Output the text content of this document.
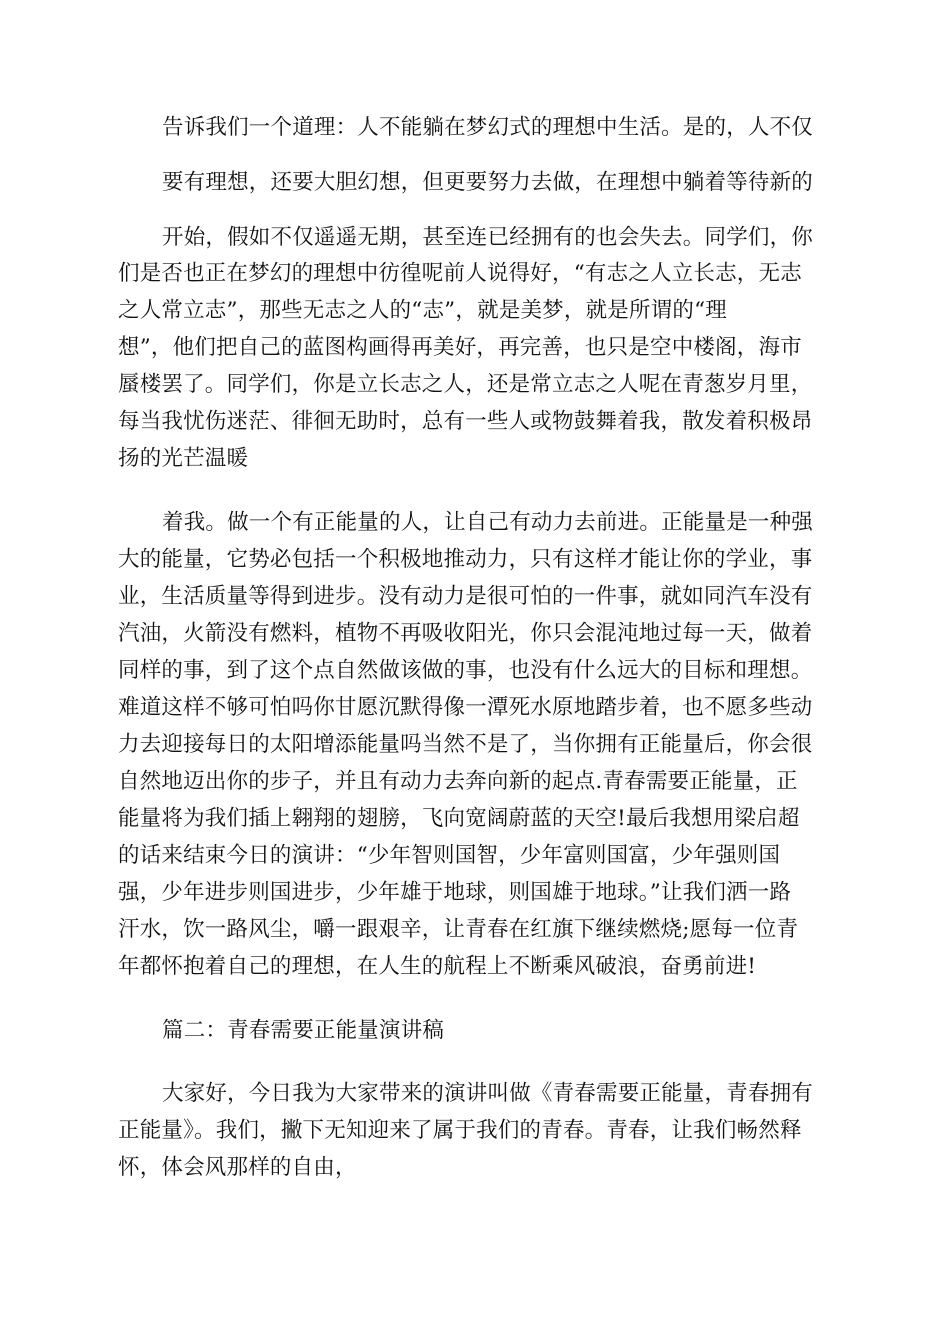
告诉我们一个道理：人不能躺在梦幻式的理想中生活。是的，人不仅
要有理想，还要大胆幻想，但更要努力去做，在理想中躺着等待新的
开始，假如不仅遥遥无期，甚至连已经拥有的也会失去。同学们，你
们是否也正在梦幻的理想中彷徨呢前人说得好，“有志之人立长志，无志
之人常立志”，那些无志之人的“志”，就是美梦，就是所谓的“理
想”，他们把自己的蓝图构画得再美好，再完善，也只是空中楼阁，海市
蜃楼罢了。同学们，你是立长志之人，还是常立志之人呢在青葱岁月里，
每当我忧伤迷茫、徘徊无助时，总有一些人或物鼓舞着我，散发着积极昂
扬的光芒温暖
着我。做一个有正能量的人，让自己有动力去前进。正能量是一种强
大的能量，它势必包括一个积极地推动力，只有这样才能让你的学业，事
业，生活质量等得到进步。没有动力是很可怕的一件事，就如同汽车没有
汽油，火箭没有燃料，植物不再吸收阳光，你只会混沌地过每一天，做着
同样的事，到了这个点自然做该做的事，也没有什么远大的目标和理想。
难道这样不够可怕吗你甘愿沉默得像一潭死水原地踏步着，也不愿多些动
力去迎接每日的太阳增添能量吗当然不是了，当你拥有正能量后，你会很
自然地迈出你的步子，并且有动力去奔向新的起点.青春需要正能量，正
能量将为我们插上翱翔的翅膀，飞向宽阔蔚蓝的天空!最后我想用梁启超
的话来结束今日的演讲：“少年智则国智，少年富则国富，少年强则国
强，少年进步则国进步，少年雄于地球，则国雄于地球。”让我们洒一路
汗水，饮一路风尘，嚼一跟艰辛，让青春在红旗下继续燃烧;愿每一位青
年都怀抱着自己的理想，在人生的航程上不断乘风破浪，奋勇前进!
篇二：青春需要正能量演讲稿
大家好，今日我为大家带来的演讲叫做《青春需要正能量，青春拥有
正能量》。我们，撇下无知迎来了属于我们的青春。青春，让我们畅然释
怀，体会风那样的自由，
